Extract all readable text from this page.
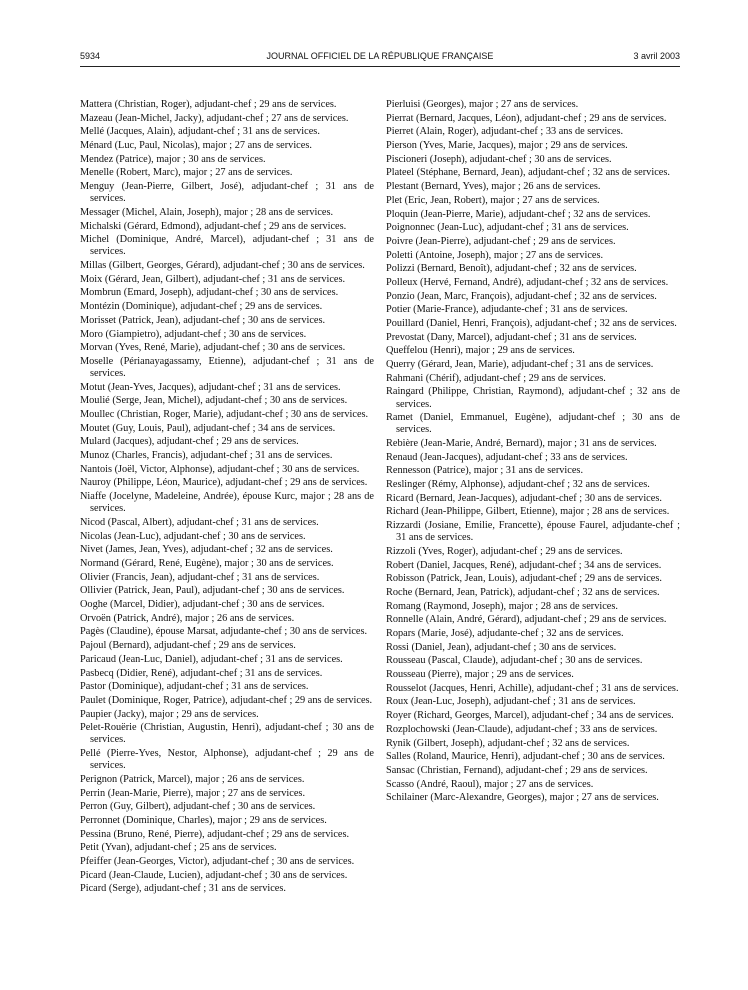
5934	JOURNAL OFFICIEL DE LA RÉPUBLIQUE FRANÇAISE	3 avril 2003

Mattera (Christian, Roger), adjudant-chef ; 29 ans de services.

Mazeau (Jean-Michel, Jacky), adjudant-chef ; 27 ans de services.

Mellé (Jacques, Alain), adjudant-chef ; 31 ans de services.

Ménard (Luc, Paul, Nicolas), major ; 27 ans de services.

Mendez (Patrice), major ; 30 ans de services.

Menelle (Robert, Marc), major ; 27 ans de services.

Menguy (Jean-Pierre, Gilbert, José), adjudant-chef ; 31 ans de services.

Messager (Michel, Alain, Joseph), major ; 28 ans de services.

Michalski (Gérard, Edmond), adjudant-chef ; 29 ans de services.

Michel (Dominique, André, Marcel), adjudant-chef ; 31 ans de services.

Millas (Gilbert, Georges, Gérard), adjudant-chef ; 30 ans de services.

Moix (Gérard, Jean, Gilbert), adjudant-chef ; 31 ans de services.

Mombrun (Emard, Joseph), adjudant-chef ; 30 ans de services.

Montézin (Dominique), adjudant-chef ; 29 ans de services.

Morisset (Patrick, Jean), adjudant-chef ; 30 ans de services.

Moro (Giampietro), adjudant-chef ; 30 ans de services.

Morvan (Yves, René, Marie), adjudant-chef ; 30 ans de services.

Moselle (Périanayagassamy, Etienne), adjudant-chef ; 31 ans de services.

Motut (Jean-Yves, Jacques), adjudant-chef ; 31 ans de services.

Moulié (Serge, Jean, Michel), adjudant-chef ; 30 ans de services.

Moullec (Christian, Roger, Marie), adjudant-chef ; 30 ans de services.

Moutet (Guy, Louis, Paul), adjudant-chef ; 34 ans de services.

Mulard (Jacques), adjudant-chef ; 29 ans de services.

Munoz (Charles, Francis), adjudant-chef ; 31 ans de services.

Nantois (Joël, Victor, Alphonse), adjudant-chef ; 30 ans de services.

Nauroy (Philippe, Léon, Maurice), adjudant-chef ; 29 ans de services.

Niaffe (Jocelyne, Madeleine, Andrée), épouse Kurc, major ; 28 ans de services.

Nicod (Pascal, Albert), adjudant-chef ; 31 ans de services.

Nicolas (Jean-Luc), adjudant-chef ; 30 ans de services.

Nivet (James, Jean, Yves), adjudant-chef ; 32 ans de services.

Normand (Gérard, René, Eugène), major ; 30 ans de services.

Olivier (Francis, Jean), adjudant-chef ; 31 ans de services.

Ollivier (Patrick, Jean, Paul), adjudant-chef ; 30 ans de services.

Ooghe (Marcel, Didier), adjudant-chef ; 30 ans de services.

Orvoën (Patrick, André), major ; 26 ans de services.

Pagès (Claudine), épouse Marsat, adjudante-chef ; 30 ans de services.

Pajoul (Bernard), adjudant-chef ; 29 ans de services.

Paricaud (Jean-Luc, Daniel), adjudant-chef ; 31 ans de services.

Pasbecq (Didier, René), adjudant-chef ; 31 ans de services.

Pastor (Dominique), adjudant-chef ; 31 ans de services.

Paulet (Dominique, Roger, Patrice), adjudant-chef ; 29 ans de services.

Paupier (Jacky), major ; 29 ans de services.

Pelet-Rouërie (Christian, Augustin, Henri), adjudant-chef ; 30 ans de services.

Pellé (Pierre-Yves, Nestor, Alphonse), adjudant-chef ; 29 ans de services.

Perignon (Patrick, Marcel), major ; 26 ans de services.

Perrin (Jean-Marie, Pierre), major ; 27 ans de services.

Perron (Guy, Gilbert), adjudant-chef ; 30 ans de services.

Perronnet (Dominique, Charles), major ; 29 ans de services.

Pessina (Bruno, René, Pierre), adjudant-chef ; 29 ans de services.

Petit (Yvan), adjudant-chef ; 25 ans de services.

Pfeiffer (Jean-Georges, Victor), adjudant-chef ; 30 ans de services.

Picard (Jean-Claude, Lucien), adjudant-chef ; 30 ans de services.

Picard (Serge), adjudant-chef ; 31 ans de services.

Pierluisi (Georges), major ; 27 ans de services.

Pierrat (Bernard, Jacques, Léon), adjudant-chef ; 29 ans de services.

Pierret (Alain, Roger), adjudant-chef ; 33 ans de services.

Pierson (Yves, Marie, Jacques), major ; 29 ans de services.

Piscioneri (Joseph), adjudant-chef ; 30 ans de services.

Plateel (Stéphane, Bernard, Jean), adjudant-chef ; 32 ans de services.

Plestant (Bernard, Yves), major ; 26 ans de services.

Plet (Eric, Jean, Robert), major ; 27 ans de services.

Ploquin (Jean-Pierre, Marie), adjudant-chef ; 32 ans de services.

Poignonnec (Jean-Luc), adjudant-chef ; 31 ans de services.

Poivre (Jean-Pierre), adjudant-chef ; 29 ans de services.

Poletti (Antoine, Joseph), major ; 27 ans de services.

Polizzi (Bernard, Benoît), adjudant-chef ; 32 ans de services.

Polleux (Hervé, Fernand, André), adjudant-chef ; 32 ans de services.

Ponzio (Jean, Marc, François), adjudant-chef ; 32 ans de services.

Potier (Marie-France), adjudante-chef ; 31 ans de services.

Pouillard (Daniel, Henri, François), adjudant-chef ; 32 ans de services.

Prevostat (Dany, Marcel), adjudant-chef ; 31 ans de services.

Queffelou (Henri), major ; 29 ans de services.

Querry (Gérard, Jean, Marie), adjudant-chef ; 31 ans de services.

Rahmani (Chérif), adjudant-chef ; 29 ans de services.

Raingard (Philippe, Christian, Raymond), adjudant-chef ; 32 ans de services.

Ramet (Daniel, Emmanuel, Eugène), adjudant-chef ; 30 ans de services.

Rebière (Jean-Marie, André, Bernard), major ; 31 ans de services.

Renaud (Jean-Jacques), adjudant-chef ; 33 ans de services.

Rennesson (Patrice), major ; 31 ans de services.

Reslinger (Rémy, Alphonse), adjudant-chef ; 32 ans de services.

Ricard (Bernard, Jean-Jacques), adjudant-chef ; 30 ans de services.

Richard (Jean-Philippe, Gilbert, Etienne), major ; 28 ans de services.

Rizzardi (Josiane, Emilie, Francette), épouse Faurel, adjudante-chef ; 31 ans de services.

Rizzoli (Yves, Roger), adjudant-chef ; 29 ans de services.

Robert (Daniel, Jacques, René), adjudant-chef ; 34 ans de services.

Robisson (Patrick, Jean, Louis), adjudant-chef ; 29 ans de services.

Roche (Bernard, Jean, Patrick), adjudant-chef ; 32 ans de services.

Romang (Raymond, Joseph), major ; 28 ans de services.

Ronnelle (Alain, André, Gérard), adjudant-chef ; 29 ans de services.

Ropars (Marie, José), adjudante-chef ; 32 ans de services.

Rossi (Daniel, Jean), adjudant-chef ; 30 ans de services.

Rousseau (Pascal, Claude), adjudant-chef ; 30 ans de services.

Rousseau (Pierre), major ; 29 ans de services.

Rousselot (Jacques, Henri, Achille), adjudant-chef ; 31 ans de services.

Roux (Jean-Luc, Joseph), adjudant-chef ; 31 ans de services.

Royer (Richard, Georges, Marcel), adjudant-chef ; 34 ans de services.

Rozplochowski (Jean-Claude), adjudant-chef ; 33 ans de services.

Rynik (Gilbert, Joseph), adjudant-chef ; 32 ans de services.

Salles (Roland, Maurice, Henri), adjudant-chef ; 30 ans de services.

Sansac (Christian, Fernand), adjudant-chef ; 29 ans de services.

Scasso (André, Raoul), major ; 27 ans de services.

Schilainer (Marc-Alexandre, Georges), major ; 27 ans de services.
